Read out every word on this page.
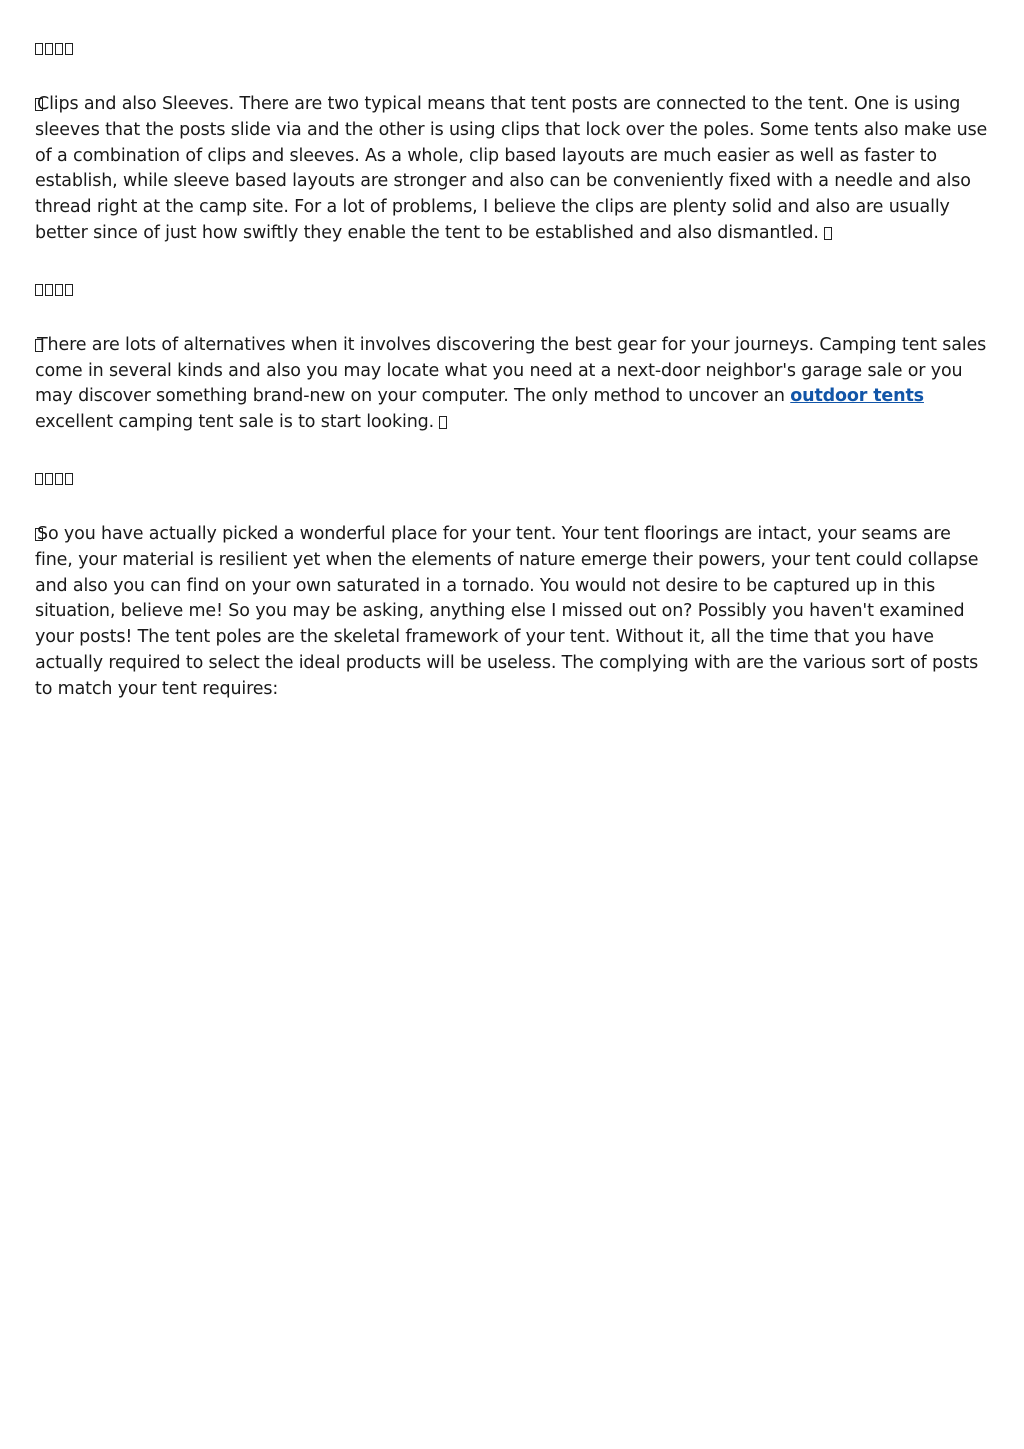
Clips and also Sleeves. There are two typical means that tent posts are connected to the tent. One is using sleeves that the posts slide via and the other is using clips that lock over the poles. Some tents also make use of a combination of clips and sleeves. As a whole, clip based layouts are much easier as well as faster to establish, while sleeve based layouts are stronger and also can be conveniently fixed with a needle and also thread right at the camp site. For a lot of problems, I believe the clips are plenty solid and also are usually better since of just how swiftly they enable the tent to be established and also dismantled.

There are lots of alternatives when it involves discovering the best gear for your journeys. Camping tent sales come in several kinds and also you may locate what you need at a next-door neighbor's garage sale or you may discover something brand-new on your computer. The only method to uncover an outdoor tents excellent camping tent sale is to start looking.

So you have actually picked a wonderful place for your tent. Your tent floorings are intact, your seams are fine, your material is resilient yet when the elements of nature emerge their powers, your tent could collapse and also you can find on your own saturated in a tornado. You would not desire to be captured up in this situation, believe me! So you may be asking, anything else I missed out on? Possibly you haven't examined your posts! The tent poles are the skeletal framework of your tent. Without it, all the time that you have actually required to select the ideal products will be useless. The complying with are the various sort of posts to match your tent requires:
